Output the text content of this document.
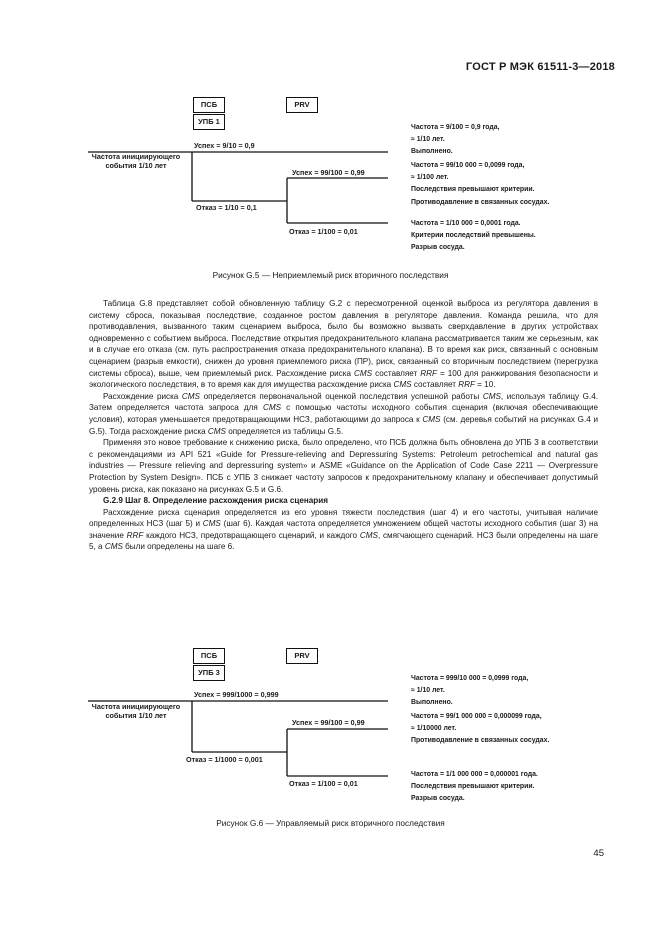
ГОСТ Р МЭК 61511-3—2018
ПСБ
УПБ 1
PRV
Частота инициирующего
события 1/10 лет
Успех = 9/10 = 0,9
Отказ = 1/10 = 0,1
Успех = 99/100 = 0,99
Отказ = 1/100 = 0,01
Частота = 9/100 = 0,9 года,
≈ 1/10 лет.
Выполнено.
Частота = 99/10 000 = 0,0099 года,
≈ 1/100 лет.
Последствия превышают критерии.
Противодавление в связанных сосудах.
Частота = 1/10 000 = 0,0001 года.
Критерии последствий превышены.
Разрыв сосуда.
Рисунок G.5 — Неприемлемый риск вторичного последствия

Таблица G.8 представляет собой обновленную таблицу G.2 с пересмотренной оценкой выброса из регулятора давления в систему сброса, показывая последствие, созданное ростом давления в регуляторе давления. Команда решила, что для противодавления, вызванного таким сценарием выброса, было бы возможно вызвать сверхдавление в других устройствах одновременно с событием выброса. Последствие открытия предохранительного клапана рассматривается таким же серьезным, как и в случае его отказа (см. путь распространения отказа предохранительного клапана). В то время как риск, связанный с основным сценарием (разрыв емкости), снижен до уровня приемлемого риска (ПР), риск, связанный со вторичным последствием (перегрузка системы сброса), выше, чем приемлемый риск. Расхождение риска CMS составляет RRF = 100 для ранжирования безопасности и экологического последствия, в то время как для имущества расхождение риска CMS составляет RRF = 10.

Расхождение риска CMS определяется первоначальной оценкой последствия успешной работы CMS, используя таблицу G.4. Затем определяется частота запроса для CMS с помощью частоты исходного события сценария (включая обеспечивающие условия), которая уменьшается предотвращающими НСЗ, работающими до запроса к CMS (см. деревья событий на рисунках G.4 и G.5). Тогда расхождение риска CMS определяется из таблицы G.5.

Применяя это новое требование к снижению риска, было определено, что ПСБ должна быть обновлена до УПБ 3 в соответствии с рекомендациями из API 521 «Guide for Pressure-relieving and Depressuring Systems: Petroleum petrochemical and natural gas industries — Pressure relieving and depressuring system» и ASME «Guidance on the Application of Code Case 2211 — Overpressure Protection by System Design». ПСБ с УПБ 3 снижает частоту запросов к предохранительному клапану и обеспечивает допустимый уровень риска, как показано на рисунках G.5 и G.6.

G.2.9 Шаг 8. Определение расхождения риска сценария

Расхождение риска сценария определяется из его уровня тяжести последствия (шаг 4) и его частоты, учитывая наличие определенных НСЗ (шаг 5) и CMS (шаг 6). Каждая частота определяется умножением общей частоты исходного события (шаг 3) на значение RRF каждого НСЗ, предотвращающего сценарий, и каждого CMS, смягчающего сценарий. НСЗ были определены на шаге 5, а CMS были определены на шаге 6.

ПСБ
УПБ 3
PRV
Частота инициирующего
события 1/10 лет
Успех = 999/1000 = 0,999
Отказ = 1/1000 = 0,001
Успех = 99/100 = 0,99
Отказ = 1/100 = 0,01
Частота = 999/10 000 = 0,0999 года,
≈ 1/10 лет.
Выполнено.
Частота = 99/1 000 000 = 0,000099 года,
≈ 1/10000 лет.
Противодавление в связанных сосудах.
Частота = 1/1 000 000 = 0,000001 года.
Последствия превышают критерии.
Разрыв сосуда.
Рисунок G.6 — Управляемый риск вторичного последствия
45
